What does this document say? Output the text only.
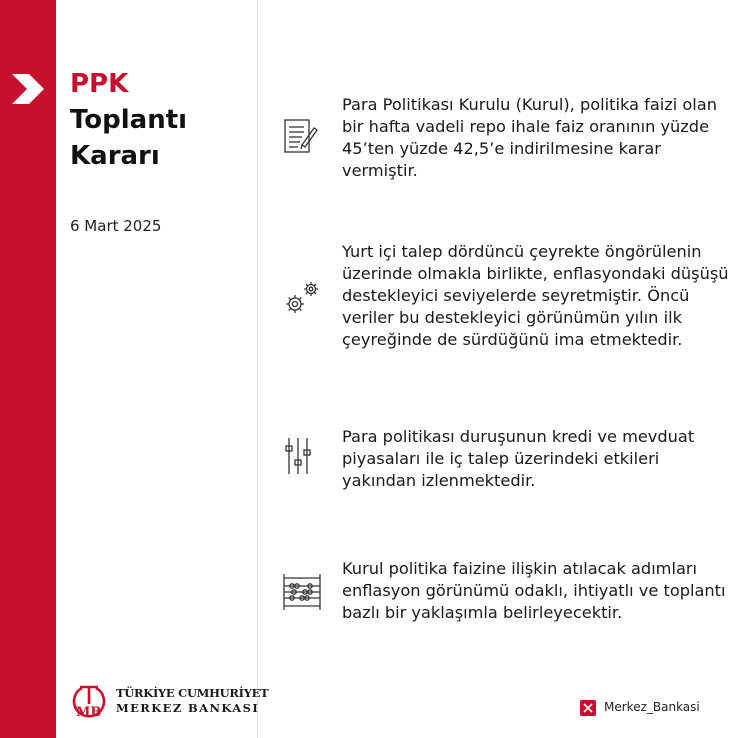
PPK
Toplantı
Kararı
6 Mart 2025
Para Politikası Kurulu (Kurul), politika faizi olan bir hafta vadeli repo ihale faiz oranının yüzde 45’ten yüzde 42,5’e indirilmesine karar vermiştir.
Yurt içi talep dördüncü çeyrekte öngörülenin üzerinde olmakla birlikte, enflasyondaki düşüşü destekleyici seviyelerde seyretmiştir. Öncü veriler bu destekleyici görünümün yılın ilk çeyreğinde de sürdüğünü ima etmektedir.
Para politikası duruşunun kredi ve mevduat piyasaları ile iç talep üzerindeki etkileri yakından izlenmektedir.
Kurul politika faizine ilişkin atılacak adımları enflasyon görünümü odaklı, ihtiyatlı ve toplantı bazlı bir yaklaşımla belirleyecektir.
MB
TÜRKİYE CUMHURİYET
MERKEZ BANKASI	Merkez_Bankasi
